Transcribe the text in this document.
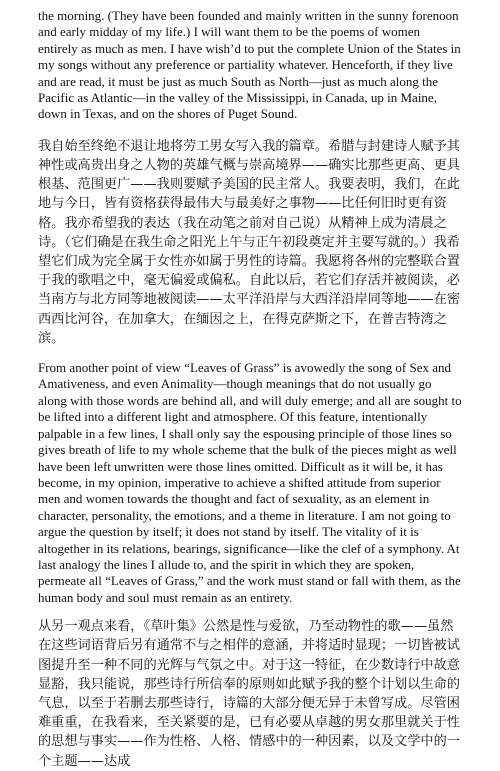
the morning. (They have been founded and mainly written in the sunny forenoon and early midday of my life.) I will want them to be the poems of women entirely as much as men. I have wish’d to put the complete Union of the States in my songs without any preference or partiality whatever. Henceforth, if they live and are read, it must be just as much South as North—just as much along the Pacific as Atlantic—in the valley of the Mississippi, in Canada, up in Maine, down in Texas, and on the shores of Puget Sound.

我自始至终绝不退让地将劳工男女写入我的篇章。希腊与封建诗人赋予其神性或高贵出身之人物的英雄气概与崇高境界——确实比那些更高、更具根基、范围更广——我则要赋予美国的民主常人。我要表明，我们，在此地与今日，皆有资格获得最伟大与最美好之事物——比任何旧时更有资格。我亦希望我的表达（我在动笔之前对自己说）从精神上成为清晨之诗。（它们确是在我生命之阳光上午与正午初段奠定并主要写就的。）我希望它们成为完全属于女性亦如属于男性的诗篇。我愿将各州的完整联合置于我的歌唱之中，毫无偏爱或偏私。自此以后，若它们存活并被阅读，必当南方与北方同等地被阅读——太平洋沿岸与大西洋沿岸同等地——在密西西比河谷，在加拿大，在缅因之上，在得克萨斯之下，在普吉特湾之滨。

From another point of view “Leaves of Grass” is avowedly the song of Sex and Amativeness, and even Animality—though meanings that do not usually go along with those words are behind all, and will duly emerge; and all are sought to be lifted into a different light and atmosphere. Of this feature, intentionally palpable in a few lines, I shall only say the espousing principle of those lines so gives breath of life to my whole scheme that the bulk of the pieces might as well have been left unwritten were those lines omitted. Difficult as it will be, it has become, in my opinion, imperative to achieve a shifted attitude from superior men and women towards the thought and fact of sexuality, as an element in character, personality, the emotions, and a theme in literature. I am not going to argue the question by itself; it does not stand by itself. The vitality of it is altogether in its relations, bearings, significance—like the clef of a symphony. At last analogy the lines I allude to, and the spirit in which they are spoken, permeate all “Leaves of Grass,” and the work must stand or fall with them, as the human body and soul must remain as an entirety.

从另一观点来看，《草叶集》公然是性与爱欲，乃至动物性的歌——虽然在这些词语背后另有通常不与之相伴的意涵，并将适时显现；一切皆被试图提升至一种不同的光辉与气氛之中。对于这一特征，在少数诗行中故意显豁，我只能说，那些诗行所信奉的原则如此赋予我的整个计划以生命的气息，以至于若删去那些诗行，诗篇的大部分便无异于未曾写成。尽管困难重重，在我看来，至关紧要的是，已有必要从卓越的男女那里就关于性的思想与事实——作为性格、人格、情感中的一种因素，以及文学中的一个主题——达成
